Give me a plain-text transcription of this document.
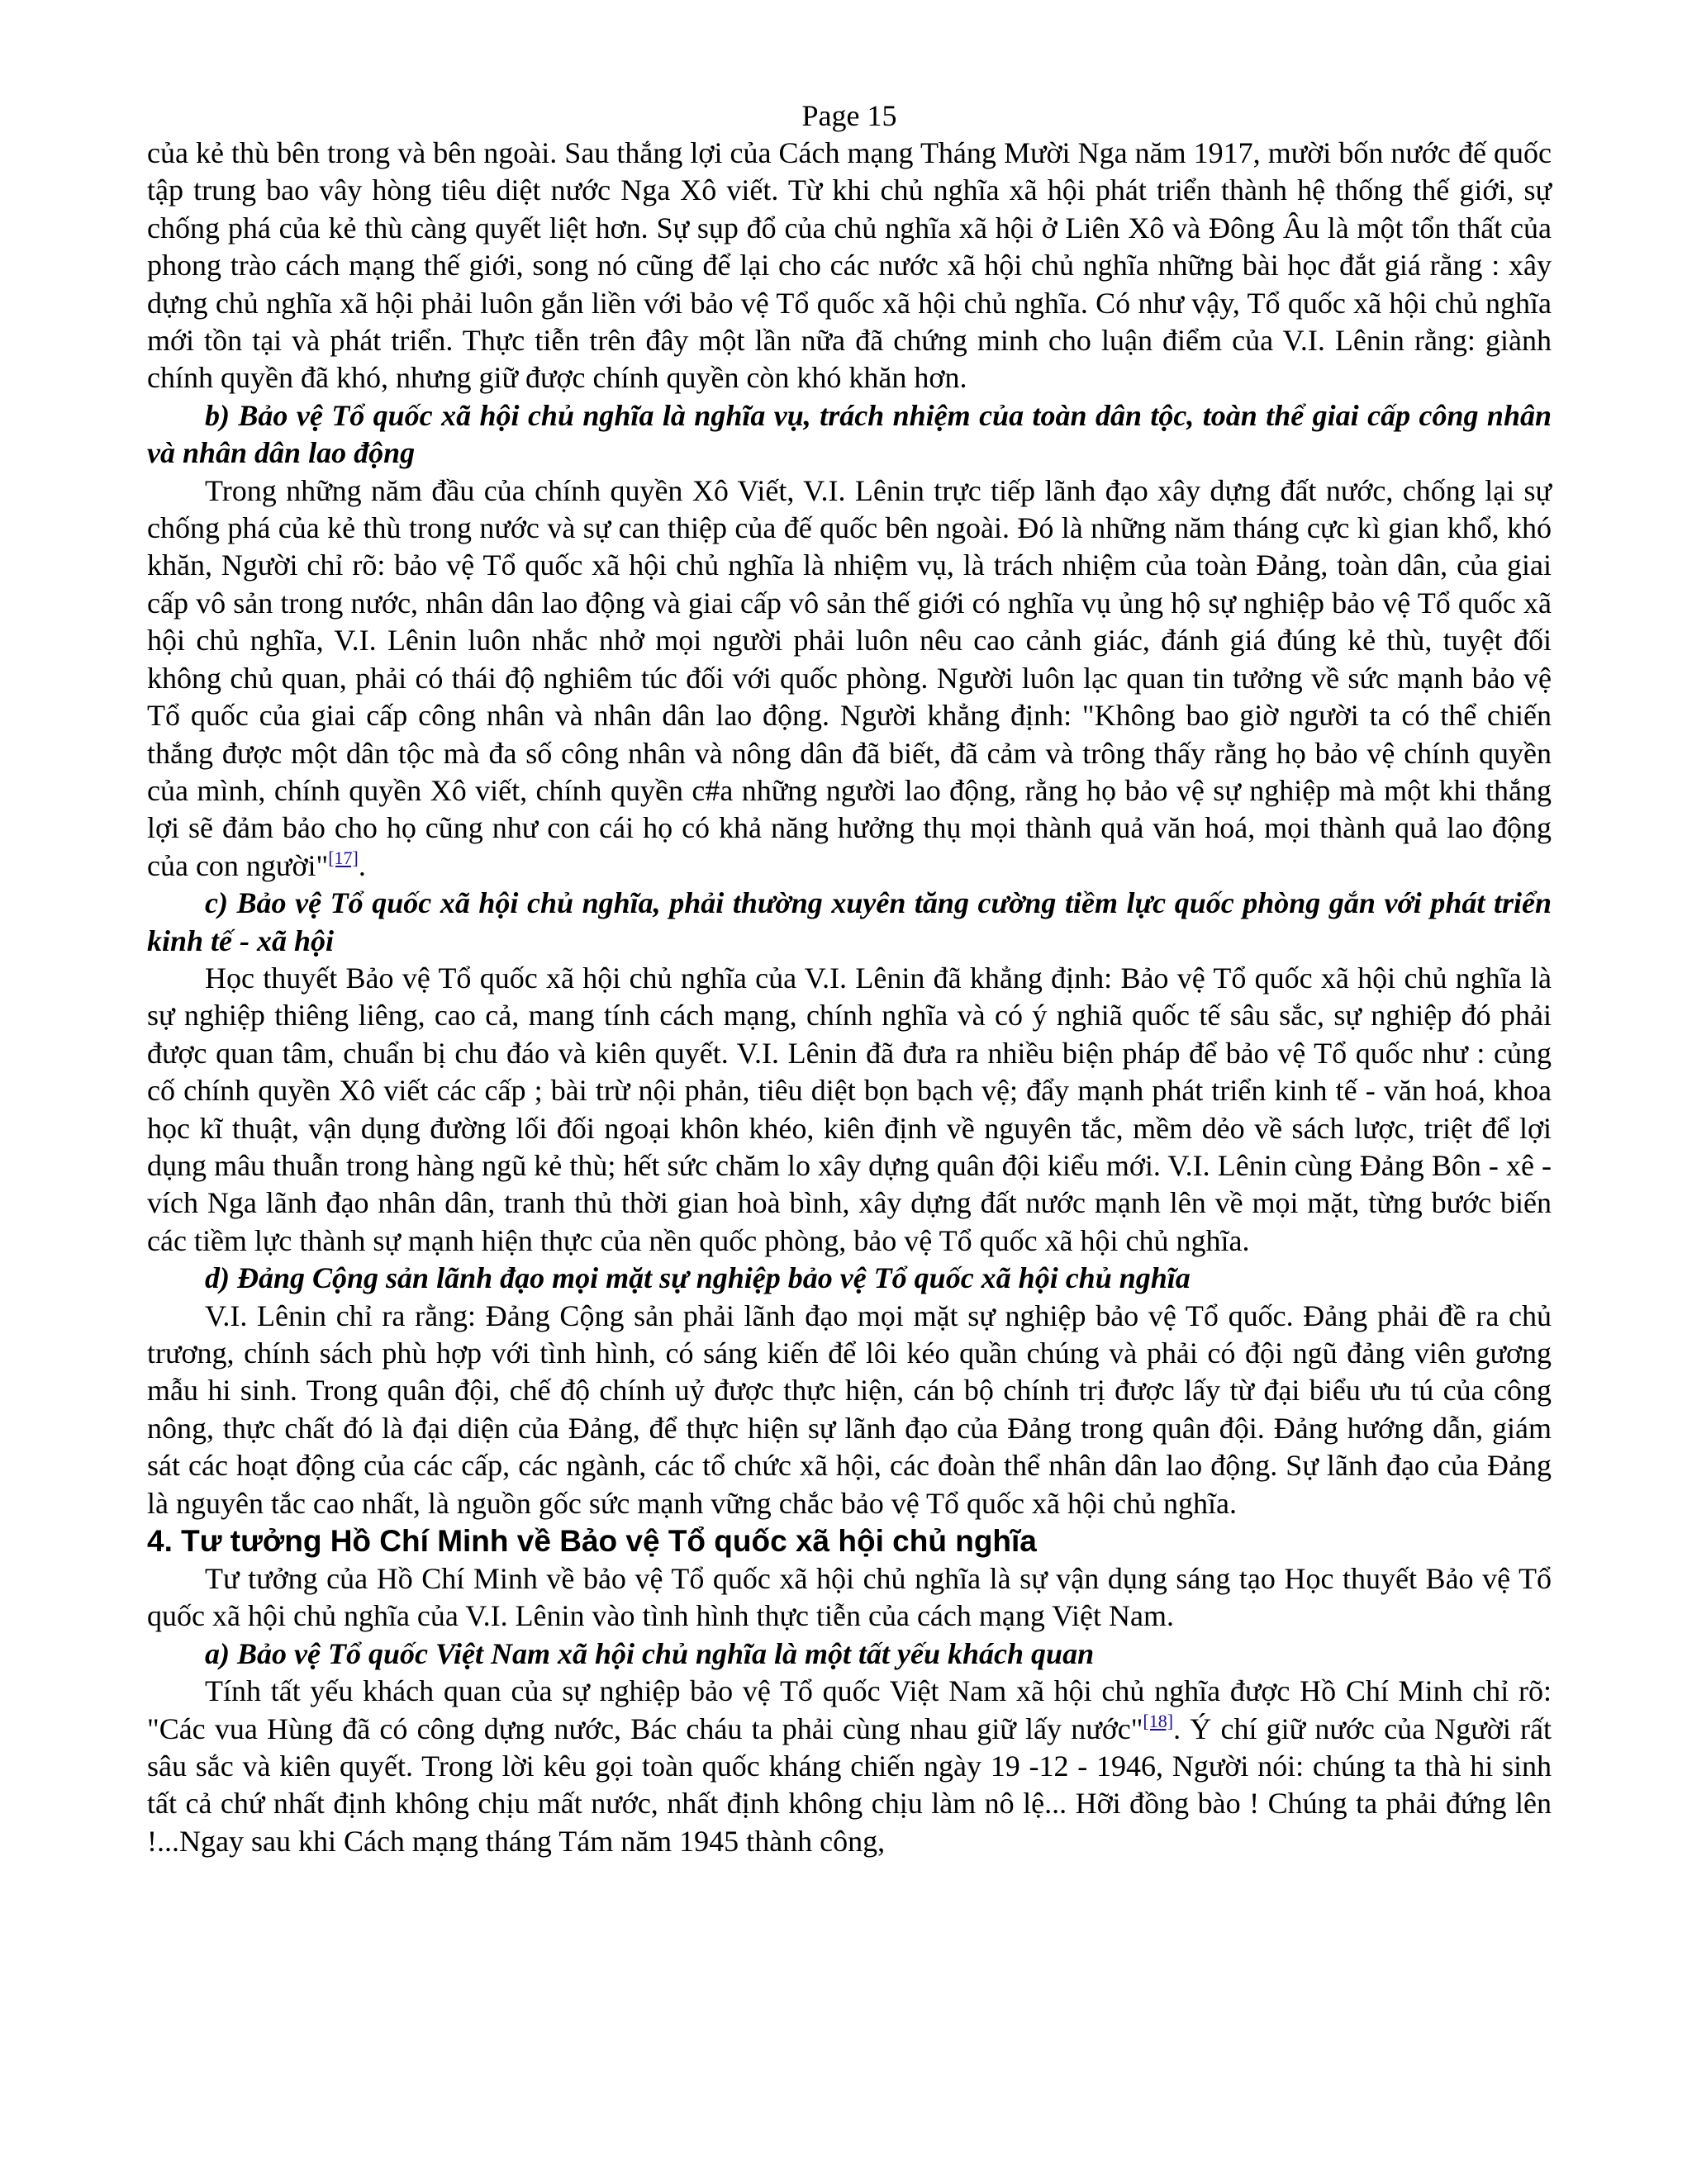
Page 15

của kẻ thù bên trong và bên ngoài. Sau thắng lợi của Cách mạng Tháng Mười Nga năm 1917, mười bốn nước đế quốc tập trung bao vây hòng tiêu diệt nước Nga Xô viết. Từ khi chủ nghĩa xã hội phát triển thành hệ thống thế giới, sự chống phá của kẻ thù càng quyết liệt hơn. Sự sụp đổ của chủ nghĩa xã hội ở Liên Xô và Đông Âu là một tổn thất của phong trào cách mạng thế giới, song nó cũng để lại cho các nước xã hội chủ nghĩa những bài học đắt giá rằng : xây dựng chủ nghĩa xã hội phải luôn gắn liền với bảo vệ Tổ quốc xã hội chủ nghĩa. Có như vậy, Tổ quốc xã hội chủ nghĩa mới tồn tại và phát triển. Thực tiễn trên đây một lần nữa đã chứng minh cho luận điểm của V.I. Lênin rằng: giành chính quyền đã khó, nhưng giữ được chính quyền còn khó khăn hơn.

b) Bảo vệ Tổ quốc xã hội chủ nghĩa là nghĩa vụ, trách nhiệm của toàn dân tộc, toàn thể giai cấp công nhân và nhân dân lao động

Trong những năm đầu của chính quyền Xô Viết, V.I. Lênin trực tiếp lãnh đạo xây dựng đất nước, chống lại sự chống phá của kẻ thù trong nước và sự can thiệp của đế quốc bên ngoài. Đó là những năm tháng cực kì gian khổ, khó khăn, Người chỉ rõ: bảo vệ Tổ quốc xã hội chủ nghĩa là nhiệm vụ, là trách nhiệm của toàn Đảng, toàn dân, của giai cấp vô sản trong nước, nhân dân lao động và giai cấp vô sản thế giới có nghĩa vụ ủng hộ sự nghiệp bảo vệ Tổ quốc xã hội chủ nghĩa, V.I. Lênin luôn nhắc nhở mọi người phải luôn nêu cao cảnh giác, đánh giá đúng kẻ thù, tuyệt đối không chủ quan, phải có thái độ nghiêm túc đối với quốc phòng. Người luôn lạc quan tin tưởng về sức mạnh bảo vệ Tổ quốc của giai cấp công nhân và nhân dân lao động. Người khẳng định: "Không bao giờ người ta có thể chiến thắng được một dân tộc mà đa số công nhân và nông dân đã biết, đã cảm và trông thấy rằng họ bảo vệ chính quyền của mình, chính quyền Xô viết, chính quyền c#a những người lao động, rằng họ bảo vệ sự nghiệp mà một khi thắng lợi sẽ đảm bảo cho họ cũng như con cái họ có khả năng hưởng thụ mọi thành quả văn hoá, mọi thành quả lao động của con người"[17].

c) Bảo vệ Tổ quốc xã hội chủ nghĩa, phải thường xuyên tăng cường tiềm lực quốc phòng gắn với phát triển kinh tế - xã hội

Học thuyết Bảo vệ Tổ quốc xã hội chủ nghĩa của V.I. Lênin đã khẳng định: Bảo vệ Tổ quốc xã hội chủ nghĩa là sự nghiệp thiêng liêng, cao cả, mang tính cách mạng, chính nghĩa và có ý nghiã quốc tế sâu sắc, sự nghiệp đó phải được quan tâm, chuẩn bị chu đáo và kiên quyết. V.I. Lênin đã đưa ra nhiều biện pháp để bảo vệ Tổ quốc như : củng cố chính quyền Xô viết các cấp ; bài trừ nội phản, tiêu diệt bọn bạch vệ; đẩy mạnh phát triển kinh tế - văn hoá, khoa học kĩ thuật, vận dụng đường lối đối ngoại khôn khéo, kiên định về nguyên tắc, mềm dẻo về sách lược, triệt để lợi dụng mâu thuẫn trong hàng ngũ kẻ thù; hết sức chăm lo xây dựng quân đội kiểu mới. V.I. Lênin cùng Đảng Bôn - xê - vích Nga lãnh đạo nhân dân, tranh thủ thời gian hoà bình, xây dựng đất nước mạnh lên về mọi mặt, từng bước biến các tiềm lực thành sự mạnh hiện thực của nền quốc phòng, bảo vệ Tổ quốc xã hội chủ nghĩa.

d) Đảng Cộng sản lãnh đạo mọi mặt sự nghiệp bảo vệ Tổ quốc xã hội chủ nghĩa

V.I. Lênin chỉ ra rằng: Đảng Cộng sản phải lãnh đạo mọi mặt sự nghiệp bảo vệ Tổ quốc. Đảng phải đề ra chủ trương, chính sách phù hợp với tình hình, có sáng kiến để lôi kéo quần chúng và phải có đội ngũ đảng viên gương mẫu hi sinh. Trong quân đội, chế độ chính uỷ được thực hiện, cán bộ chính trị được lấy từ đại biểu ưu tú của công nông, thực chất đó là đại diện của Đảng, để thực hiện sự lãnh đạo của Đảng trong quân đội. Đảng hướng dẫn, giám sát các hoạt động của các cấp, các ngành, các tổ chức xã hội, các đoàn thể nhân dân lao động. Sự lãnh đạo của Đảng là nguyên tắc cao nhất, là nguồn gốc sức mạnh vững chắc bảo vệ Tổ quốc xã hội chủ nghĩa.

4. Tư tưởng Hồ Chí Minh về Bảo vệ Tổ quốc xã hội chủ nghĩa

Tư tưởng của Hồ Chí Minh về bảo vệ Tổ quốc xã hội chủ nghĩa là sự vận dụng sáng tạo Học thuyết Bảo vệ Tổ quốc xã hội chủ nghĩa của V.I. Lênin vào tình hình thực tiễn của cách mạng Việt Nam.

a) Bảo vệ Tổ quốc Việt Nam xã hội chủ nghĩa là một tất yếu khách quan

Tính tất yếu khách quan của sự nghiệp bảo vệ Tổ quốc Việt Nam xã hội chủ nghĩa được Hồ Chí Minh chỉ rõ: "Các vua Hùng đã có công dựng nước, Bác cháu ta phải cùng nhau giữ lấy nước"[18]. Ý chí giữ nước của Người rất sâu sắc và kiên quyết. Trong lời kêu gọi toàn quốc kháng chiến ngày 19 -12 - 1946, Người nói: chúng ta thà hi sinh tất cả chứ nhất định không chịu mất nước, nhất định không chịu làm nô lệ... Hỡi đồng bào ! Chúng ta phải đứng lên !...Ngay sau khi Cách mạng tháng Tám năm 1945 thành công,
